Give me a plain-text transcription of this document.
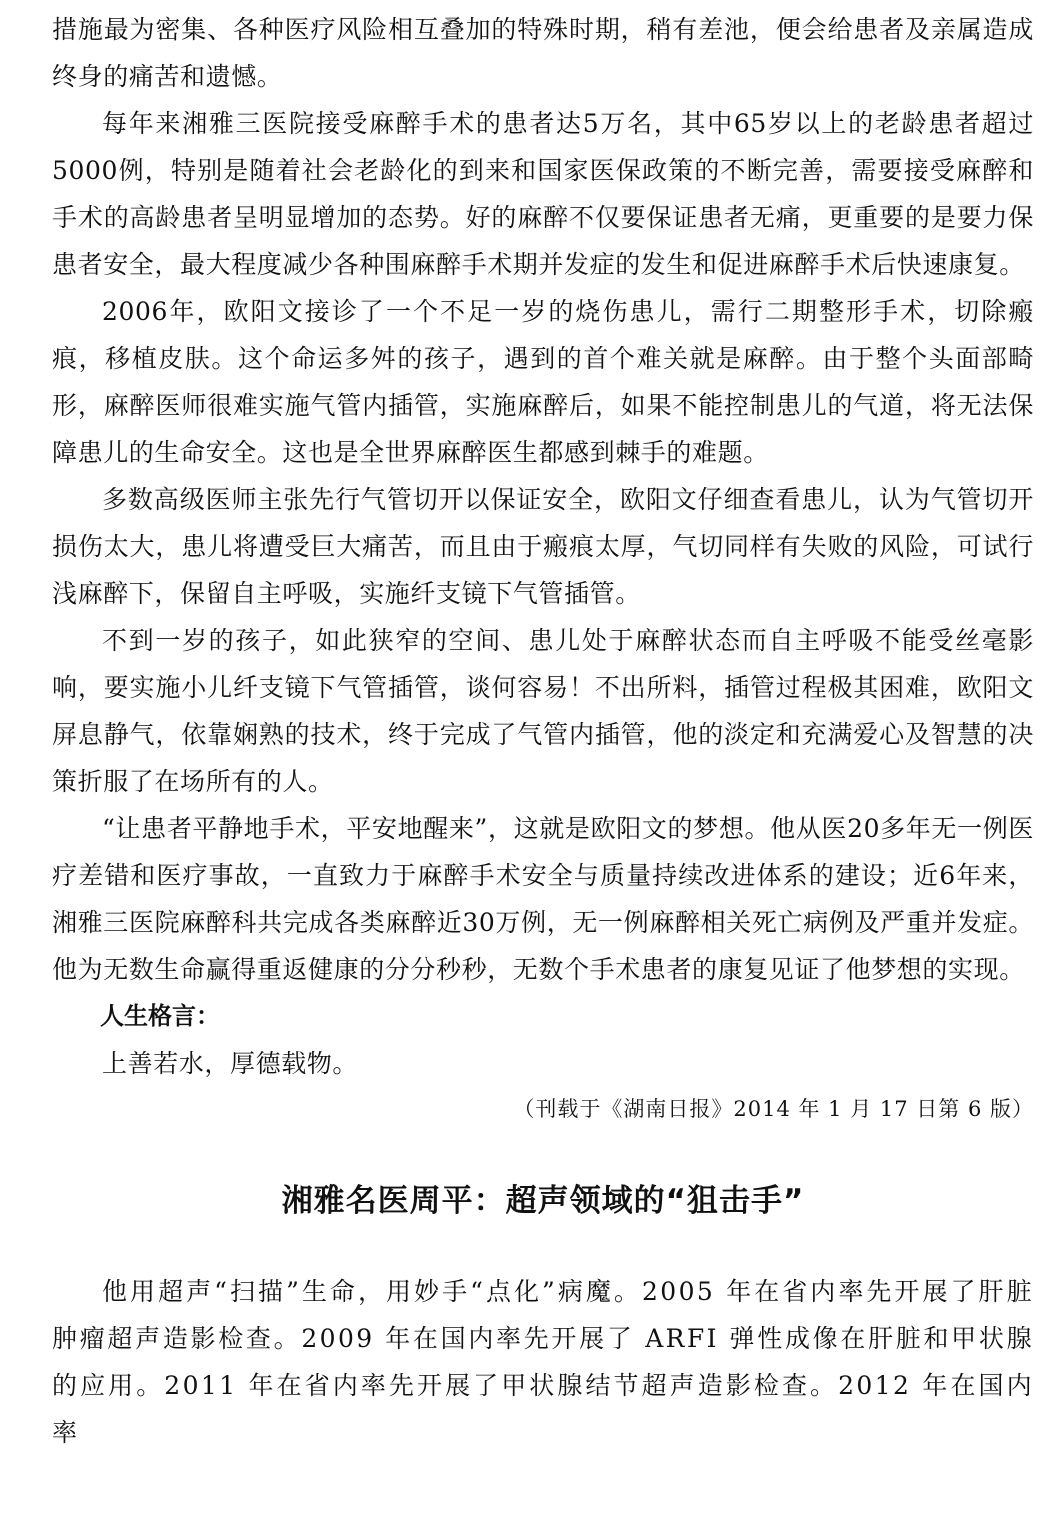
措施最为密集、各种医疗风险相互叠加的特殊时期，稍有差池，便会给患者及亲属造成终身的痛苦和遗憾。

每年来湘雅三医院接受麻醉手术的患者达5万名，其中65岁以上的老龄患者超过5000例，特别是随着社会老龄化的到来和国家医保政策的不断完善，需要接受麻醉和手术的高龄患者呈明显增加的态势。好的麻醉不仅要保证患者无痛，更重要的是要力保患者安全，最大程度减少各种围麻醉手术期并发症的发生和促进麻醉手术后快速康复。

2006年，欧阳文接诊了一个不足一岁的烧伤患儿，需行二期整形手术，切除瘢痕，移植皮肤。这个命运多舛的孩子，遇到的首个难关就是麻醉。由于整个头面部畸形，麻醉医师很难实施气管内插管，实施麻醉后，如果不能控制患儿的气道，将无法保障患儿的生命安全。这也是全世界麻醉医生都感到棘手的难题。

多数高级医师主张先行气管切开以保证安全，欧阳文仔细查看患儿，认为气管切开损伤太大，患儿将遭受巨大痛苦，而且由于瘢痕太厚，气切同样有失败的风险，可试行浅麻醉下，保留自主呼吸，实施纤支镜下气管插管。

不到一岁的孩子，如此狭窄的空间、患儿处于麻醉状态而自主呼吸不能受丝毫影响，要实施小儿纤支镜下气管插管，谈何容易！不出所料，插管过程极其困难，欧阳文屏息静气，依靠娴熟的技术，终于完成了气管内插管，他的淡定和充满爱心及智慧的决策折服了在场所有的人。

“让患者平静地手术，平安地醒来”，这就是欧阳文的梦想。他从医20多年无一例医疗差错和医疗事故，一直致力于麻醉手术安全与质量持续改进体系的建设；近6年来，湘雅三医院麻醉科共完成各类麻醉近30万例，无一例麻醉相关死亡病例及严重并发症。他为无数生命赢得重返健康的分分秒秒，无数个手术患者的康复见证了他梦想的实现。

人生格言：

上善若水，厚德载物。

（刊载于《湖南日报》2014 年 1 月 17 日第 6 版）

湘雅名医周平：超声领域的“狙击手”

他用超声“扫描”生命，用妙手“点化”病魔。2005 年在省内率先开展了肝脏肿瘤超声造影检查。2009 年在国内率先开展了 ARFI 弹性成像在肝脏和甲状腺的应用。2011 年在省内率先开展了甲状腺结节超声造影检查。2012 年在国内率
